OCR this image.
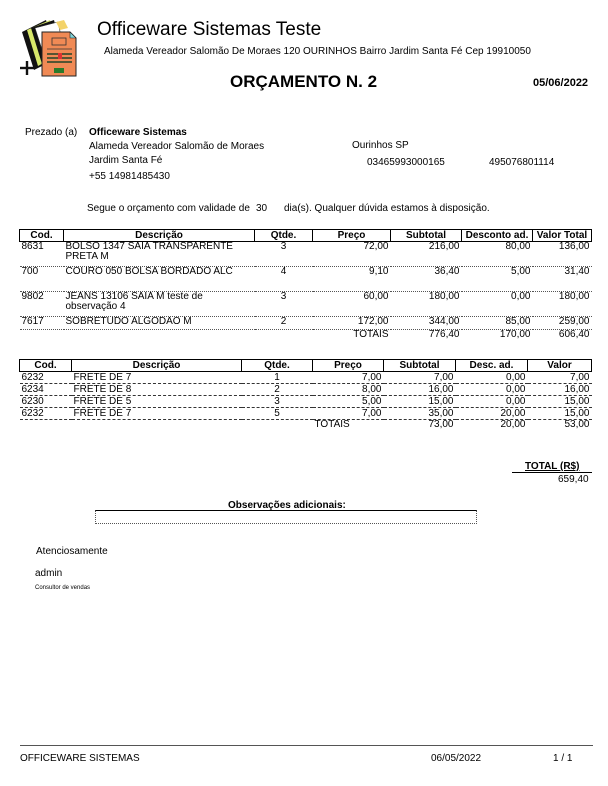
Officeware Sistemas Teste
Alameda Vereador Salomão De Moraes 120 OURINHOS Bairro Jardim Santa Fé Cep 19910050
ORÇAMENTO N. 2	05/06/2022
Prezado (a) Officeware Sistemas
Alameda Vereador Salomão de Moraes
Jardim Santa Fé
+55 14981485430
Ourinhos SP
03465993000165	495076801114
Segue o orçamento com validade de 30 dia(s). Qualquer dúvida estamos à disposição.
Cod.	Descrição	Qtde.	Preço	Subtotal	Desconto ad.	Valor Total
8631	BOLSO 1347 SAIA TRANSPARENTE PRETA M	3	72,00	216,00	80,00	136,00
700	COURO 050 BOLSA BORDADO ALC	4	9,10	36,40	5,00	31,40
9802	JEANS 13106 SAIA M teste de observação 4	3	60,00	180,00	0,00	180,00
7617	SOBRETUDO ALGODAO M	2	172,00	344,00	85,00	259,00
			TOTAIS	776,40	170,00	606,40
Cod.	Descrição	Qtde.	Preço	Subtotal	Desc. ad.	Valor
6232	FRETE DE 7	1	7,00	7,00	0,00	7,00
6234	FRETE DE 8	2	8,00	16,00	0,00	16,00
6230	FRETE DE 5	3	5,00	15,00	0,00	15,00
6232	FRETE DE 7	5	7,00	35,00	20,00	15,00
			TOTAIS	73,00	20,00	53,00
TOTAL (R$)
659,40
Observações adicionais:
Atenciosamente
admin
Consultor de vendas
OFFICEWARE SISTEMAS	06/05/2022	1 / 1
